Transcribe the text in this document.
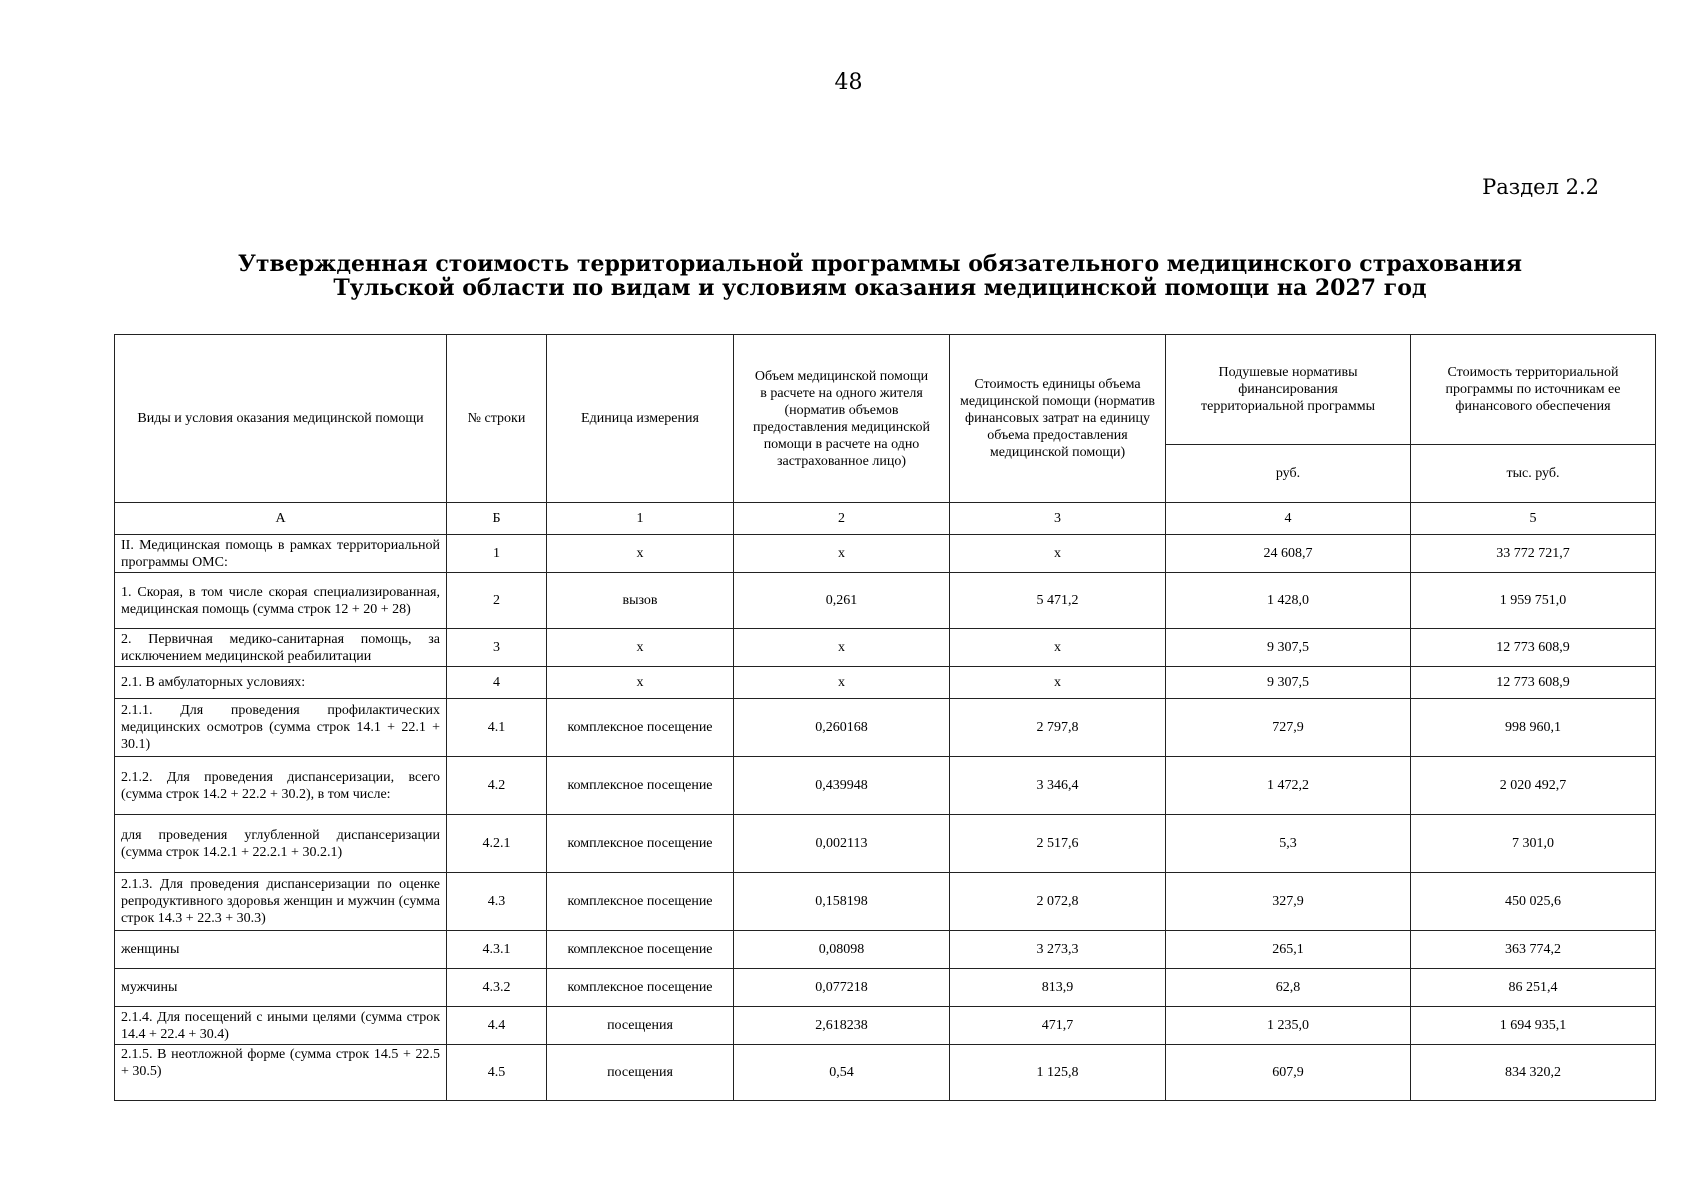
48
Раздел 2.2
Утвержденная стоимость территориальной программы обязательного медицинского страхования
Тульской области по видам и условиям оказания медицинской помощи на 2027 год
Виды и условия оказания медицинской помощи	№ строки	Единица измерения	Объем медицинской помощи в расчете на одного жителя (норматив объемов предоставления медицинской помощи в расчете на одно застрахованное лицо)	Стоимость единицы объема медицинской помощи (норматив финансовых затрат на единицу объема предоставления медицинской помощи)	Подушевые нормативы финансирования территориальной программы	Стоимость территориальной программы по источникам ее финансового обеспечения
					руб.	тыс. руб.
А	Б	1	2	3	4	5
II. Медицинская помощь в рамках территориальной программы ОМС:	1	х	х	х	24 608,7	33 772 721,7
1. Скорая, в том числе скорая специализированная, медицинская помощь (сумма строк 12 + 20 + 28)	2	вызов	0,261	5 471,2	1 428,0	1 959 751,0
2. Первичная медико-санитарная помощь, за исключением медицинской реабилитации	3	х	х	х	9 307,5	12 773 608,9
2.1. В амбулаторных условиях:	4	х	х	х	9 307,5	12 773 608,9
2.1.1. Для проведения профилактических медицинских осмотров (сумма строк 14.1 + 22.1 + 30.1)	4.1	комплексное посещение	0,260168	2 797,8	727,9	998 960,1
2.1.2. Для проведения диспансеризации, всего (сумма строк 14.2 + 22.2 + 30.2), в том числе:	4.2	комплексное посещение	0,439948	3 346,4	1 472,2	2 020 492,7
для проведения углубленной диспансеризации (сумма строк 14.2.1 + 22.2.1 + 30.2.1)	4.2.1	комплексное посещение	0,002113	2 517,6	5,3	7 301,0
2.1.3. Для проведения диспансеризации по оценке репродуктивного здоровья женщин и мужчин (сумма строк 14.3 + 22.3 + 30.3)	4.3	комплексное посещение	0,158198	2 072,8	327,9	450 025,6
женщины	4.3.1	комплексное посещение	0,08098	3 273,3	265,1	363 774,2
мужчины	4.3.2	комплексное посещение	0,077218	813,9	62,8	86 251,4
2.1.4. Для посещений с иными целями (сумма строк 14.4 + 22.4 + 30.4)	4.4	посещения	2,618238	471,7	1 235,0	1 694 935,1
2.1.5. В неотложной форме (сумма строк 14.5 + 22.5 + 30.5)	4.5	посещения	0,54	1 125,8	607,9	834 320,2
